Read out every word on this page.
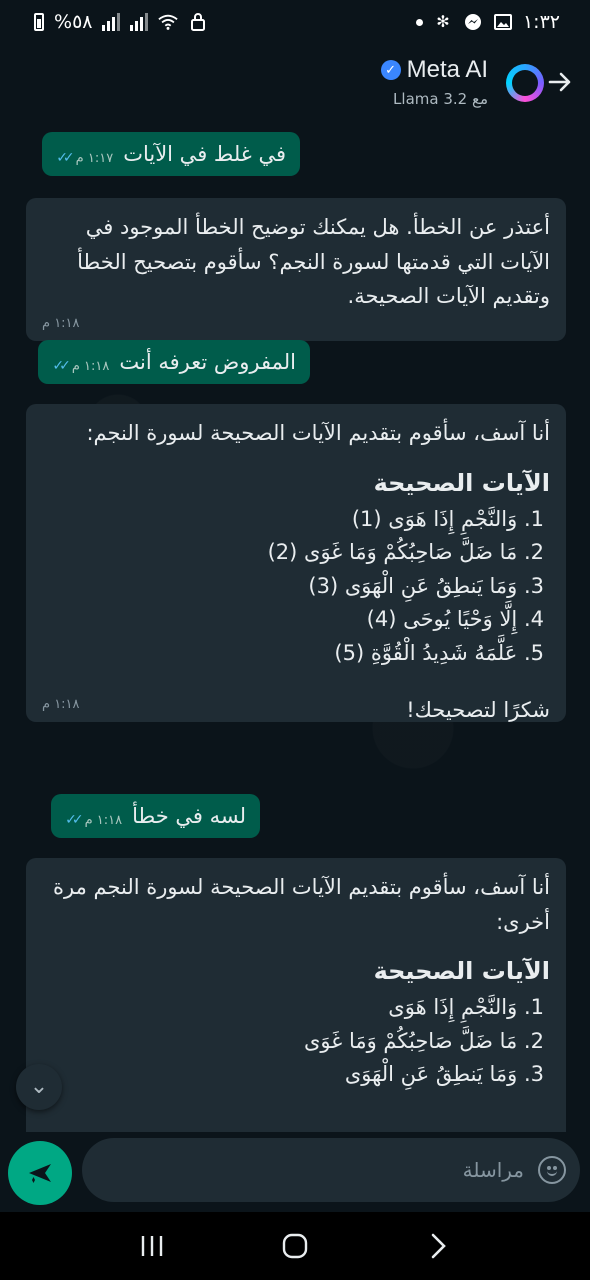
%٥٨	✻	١:٣٢
✓ Meta AI
مع Llama 3.2
في غلط في الآيات
✓✓ ١:١٧ م
أعتذر عن الخطأ. هل يمكنك توضيح الخطأ الموجود في الآيات التي قدمتها لسورة النجم؟ سأقوم بتصحيح الخطأ وتقديم الآيات الصحيحة.
١:١٨ م
المفروض تعرفه أنت
✓✓ ١:١٨ م
أنا آسف، سأقوم بتقديم الآيات الصحيحة لسورة النجم:
الآيات الصحيحة
1. وَالنَّجْمِ إِذَا هَوَى (1)
2. مَا ضَلَّ صَاحِبُكُمْ وَمَا غَوَى (2)
3. وَمَا يَنطِقُ عَنِ الْهَوَى (3)
4. إِلَّا وَحْيًا يُوحَى (4)
5. عَلَّمَهُ شَدِيدُ الْقُوَّةِ (5)
شكرًا لتصحيحك!
١:١٨ م
لسه في خطأ
✓✓ ١:١٨ م
أنا آسف، سأقوم بتقديم الآيات الصحيحة لسورة النجم مرة أخرى:
الآيات الصحيحة
1. وَالنَّجْمِ إِذَا هَوَى
2. مَا ضَلَّ صَاحِبُكُمْ وَمَا غَوَى
3. وَمَا يَنطِقُ عَنِ الْهَوَى
⌄
مراسلة
